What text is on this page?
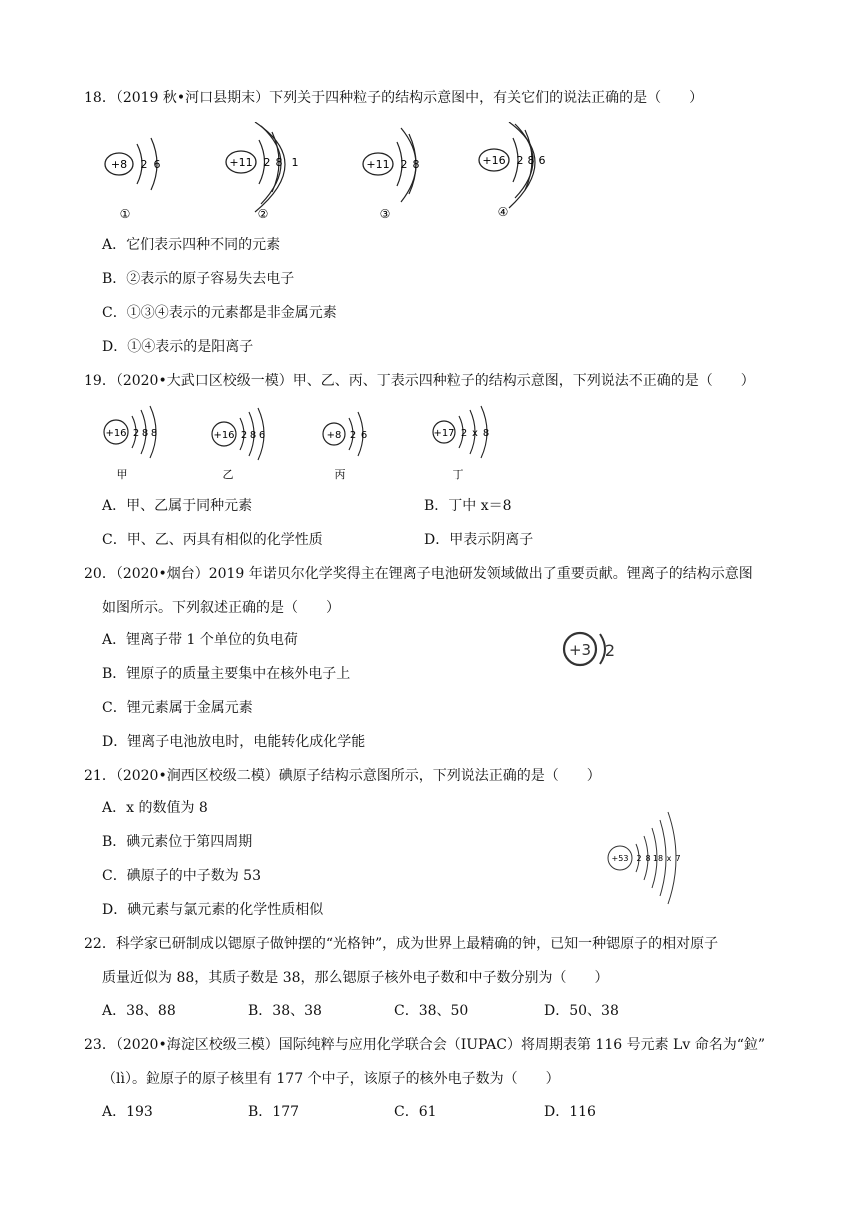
18．（2019 秋•河口县期末）下列关于四种粒子的结构示意图中，有关它们的说法正确的是（　　）
+8 2 6
①
+11 2 8 1
②
+11 2 8
③
+16 2 8 6
④
A．它们表示四种不同的元素
B．②表示的原子容易失去电子
C．①③④表示的元素都是非金属元素
D．①④表示的是阳离子
19．（2020•大武口区校级一模）甲、乙、丙、丁表示四种粒子的结构示意图，下列说法不正确的是（　　）
+16 2 8 8
甲
+16 2 8 6
乙
+8 2 6
丙
+17 2 x 8
丁
A．甲、乙属于同种元素	B．丁中 x＝8
C．甲、乙、丙具有相似的化学性质	D．甲表示阴离子
20．（2020•烟台）2019 年诺贝尔化学奖得主在锂离子电池研发领域做出了重要贡献。锂离子的结构示意图
如图所示。下列叙述正确的是（　　）
+3 2
A．锂离子带 1 个单位的负电荷
B．锂原子的质量主要集中在核外电子上
C．锂元素属于金属元素
D．锂离子电池放电时，电能转化成化学能
21．（2020•涧西区校级二模）碘原子结构示意图所示，下列说法正确的是（　　）
+53 2 8 18 x 7
A．x 的数值为 8
B．碘元素位于第四周期
C．碘原子的中子数为 53
D．碘元素与氯元素的化学性质相似
22．科学家已研制成以锶原子做钟摆的“光格钟”，成为世界上最精确的钟，已知一种锶原子的相对原子
质量近似为 88，其质子数是 38，那么锶原子核外电子数和中子数分别为（　　）
A．38、88	B．38、38	C．38、50	D．50、38
23．（2020•海淀区校级三模）国际纯粹与应用化学联合会（IUPAC）将周期表第 116 号元素 Lv 命名为“鉝”
（lì）。鉝原子的原子核里有 177 个中子，该原子的核外电子数为（　　）
A．193	B．177	C．61	D．116
